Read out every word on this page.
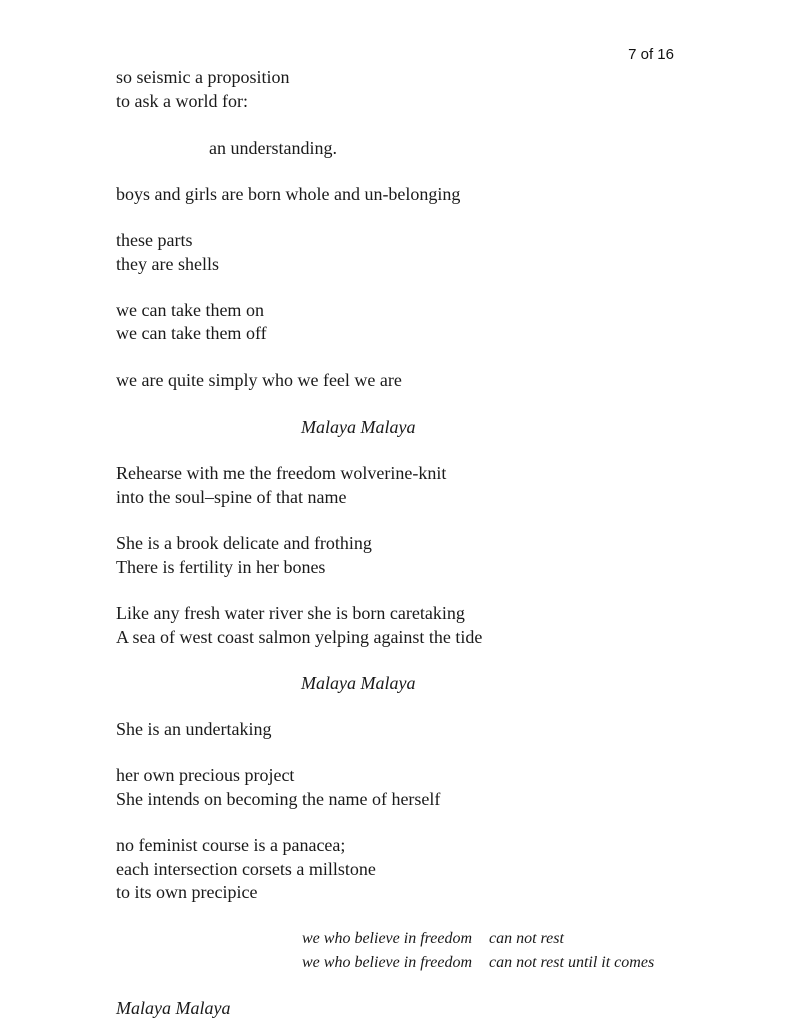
7 of 16
so seismic a proposition
to ask a world for:
an understanding.
boys and girls are born whole and un-belonging
these parts
they are shells
we can take them on
we can take them off
we are quite simply who we feel we are
Malaya Malaya
Rehearse with me the freedom wolverine-knit
into the soul–spine of that name
She is a brook delicate and frothing
There is fertility in her bones
Like any fresh water river she is born caretaking
A sea of west coast salmon yelping against the tide
Malaya Malaya
She is an undertaking
her own precious project
She intends on becoming the name of herself
no feminist course is a panacea;
each intersection corsets a millstone
to its own precipice
we who believe in freedom can not rest
we who believe in freedom can not rest until it comes
Malaya Malaya
